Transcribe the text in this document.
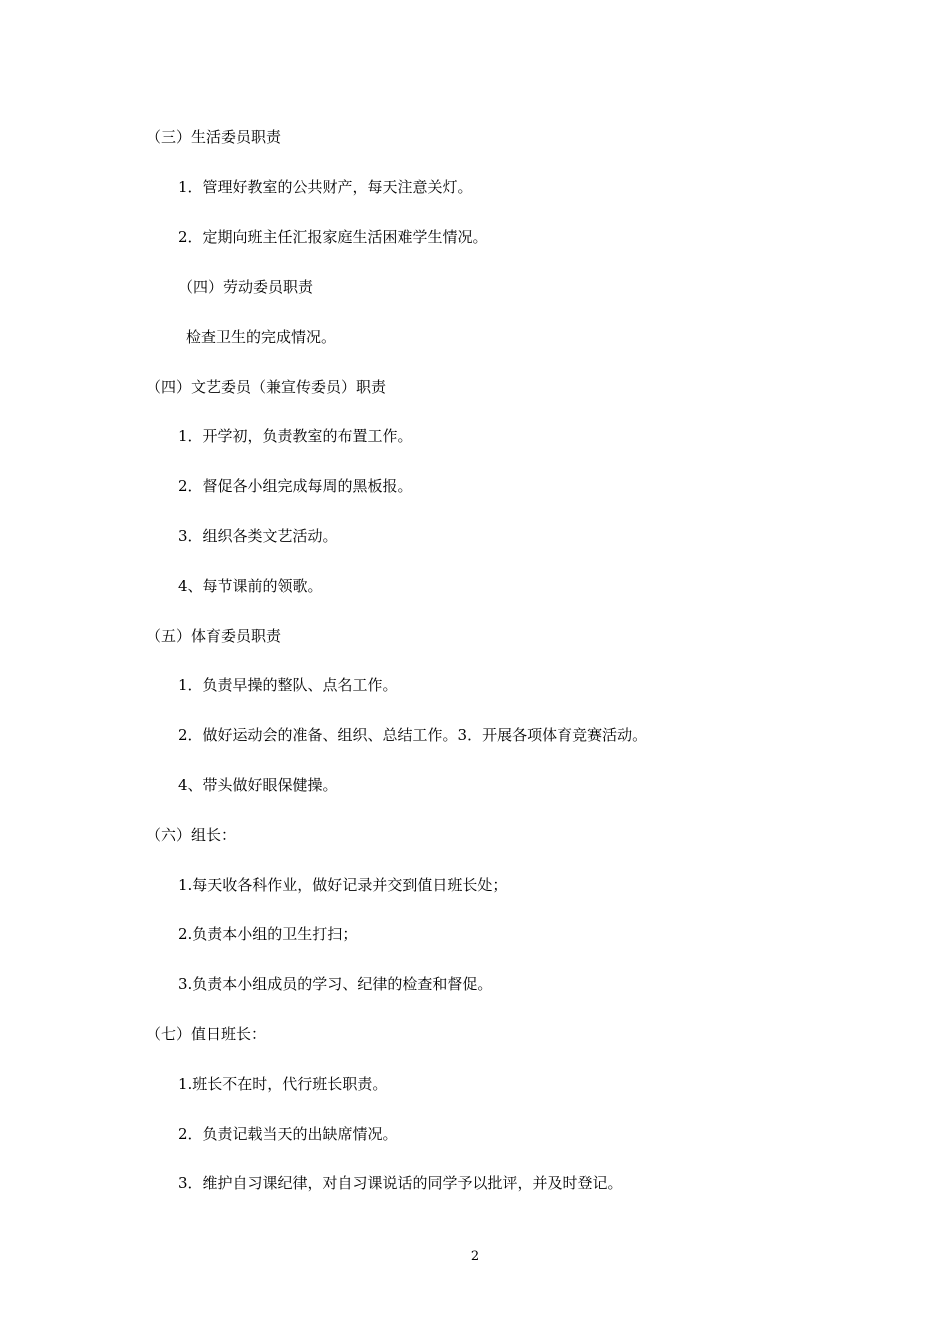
（三）生活委员职责
1．管理好教室的公共财产，每天注意关灯。
2．定期向班主任汇报家庭生活困难学生情况。
（四）劳动委员职责
检查卫生的完成情况。
（四）文艺委员（兼宣传委员）职责
1．开学初，负责教室的布置工作。
2．督促各小组完成每周的黑板报。
3．组织各类文艺活动。
4、每节课前的领歌。
（五）体育委员职责
1．负责早操的整队、点名工作。
2．做好运动会的准备、组织、总结工作。3．开展各项体育竞赛活动。
4、带头做好眼保健操。
（六）组长：
1.每天收各科作业，做好记录并交到值日班长处；
2.负责本小组的卫生打扫；
3.负责本小组成员的学习、纪律的检查和督促。
（七）值日班长：
1.班长不在时，代行班长职责。
2．负责记载当天的出缺席情况。
3．维护自习课纪律，对自习课说话的同学予以批评，并及时登记。
2
